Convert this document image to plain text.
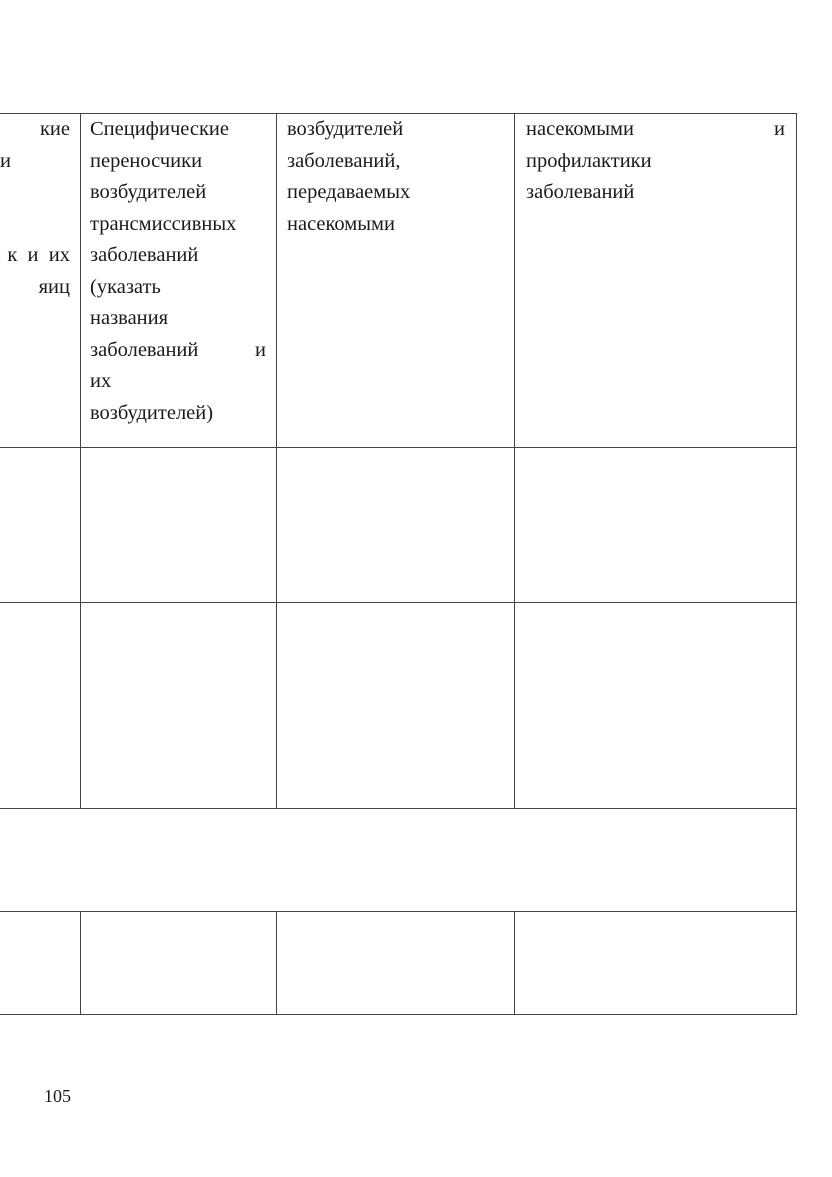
кие
и
к  и  их
яиц
Специфические
переносчики
возбудителей
трансмиссивных
заболеваний
(указать
названия
заболеваний	и
их
возбудителей)
возбудителей
заболеваний,
передаваемых
насекомыми
насекомыми	и
профилактики
заболеваний
105
